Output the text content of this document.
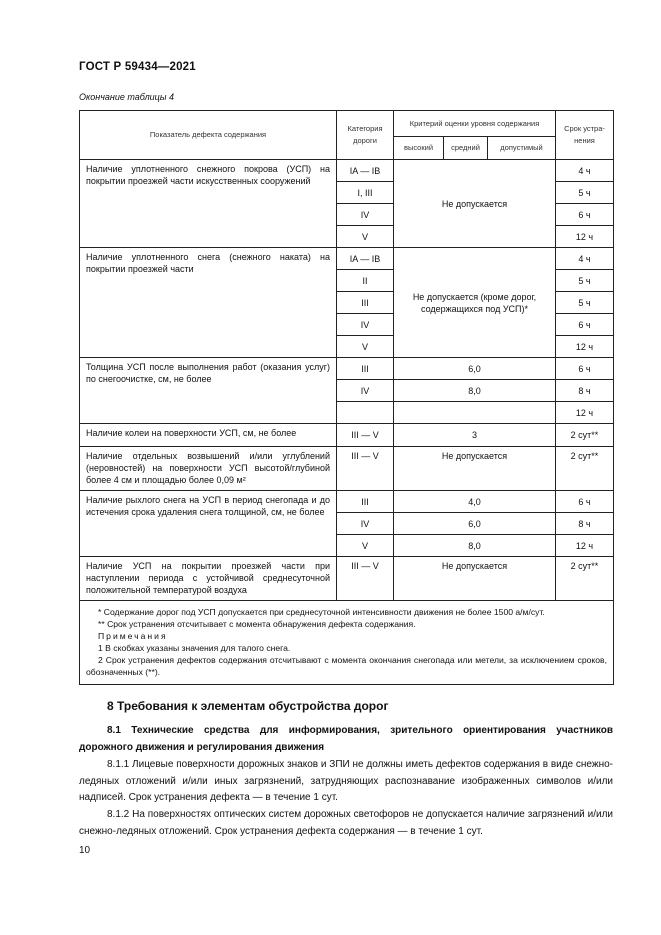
ГОСТ Р 59434—2021
Окончание таблицы 4
Показатель дефекта содержания	Категория дороги	Критерий оценки уровня содержания			Срок устра- нения
		высокий	средний	допустимый	
Наличие уплотненного снежного покрова (УСП) на покрытии проезжей части искусственных сооружений	IA — IB	Не допускается			4 ч
	I, III				5 ч
	IV				6 ч
	V				12 ч
Наличие уплотненного снега (снежного наката) на покрытии проезжей части	IA — IB	Не допускается (кроме дорог, содержащихся под УСП)*			4 ч
	II				5 ч
	III				5 ч
	IV				6 ч
	V				12 ч
Толщина УСП после выполнения работ (оказания услуг) по снегоочистке, см, не более	III	6,0			6 ч
	IV	8,0			8 ч
					12 ч
Наличие колеи на поверхности УСП, см, не более	III — V	3			2 сут**
Наличие отдельных возвышений и/или углублений (неровностей) на поверхности УСП высотой/глубиной более 4 см и площадью более 0,09 м²	III — V	Не допускается			2 сут**
Наличие рыхлого снега на УСП в период снегопада и до истечения срока удаления снега толщиной, см, не более	III	4,0			6 ч
	IV	6,0			8 ч
	V	8,0			12 ч
Наличие УСП на покрытии проезжей части при наступлении периода с устойчивой среднесуточной положительной температурой воздуха	III — V	Не допускается			2 сут**

* Содержание дорог под УСП допускается при среднесуточной интенсивности движения не более 1500 а/м/сут.

** Срок устранения отсчитывает с момента обнаружения дефекта содержания.

Примечания

1 В скобках указаны значения для талого снега.

2 Срок устранения дефектов содержания отсчитывают с момента окончания снегопада или метели, за исключением сроков, обозначенных (**).					

8 Требования к элементам обустройства дорог
8.1 Технические средства для информирования, зрительного ориентирования участников дорожного движения и регулирования движения
8.1.1 Лицевые поверхности дорожных знаков и ЗПИ не должны иметь дефектов содержания в виде снежно-ледяных отложений и/или иных загрязнений, затрудняющих распознавание изображенных символов и/или надписей. Срок устранения дефекта — в течение 1 сут.
8.1.2 На поверхностях оптических систем дорожных светофоров не допускается наличие загрязнений и/или снежно-ледяных отложений. Срок устранения дефекта содержания — в течение 1 сут.
10
